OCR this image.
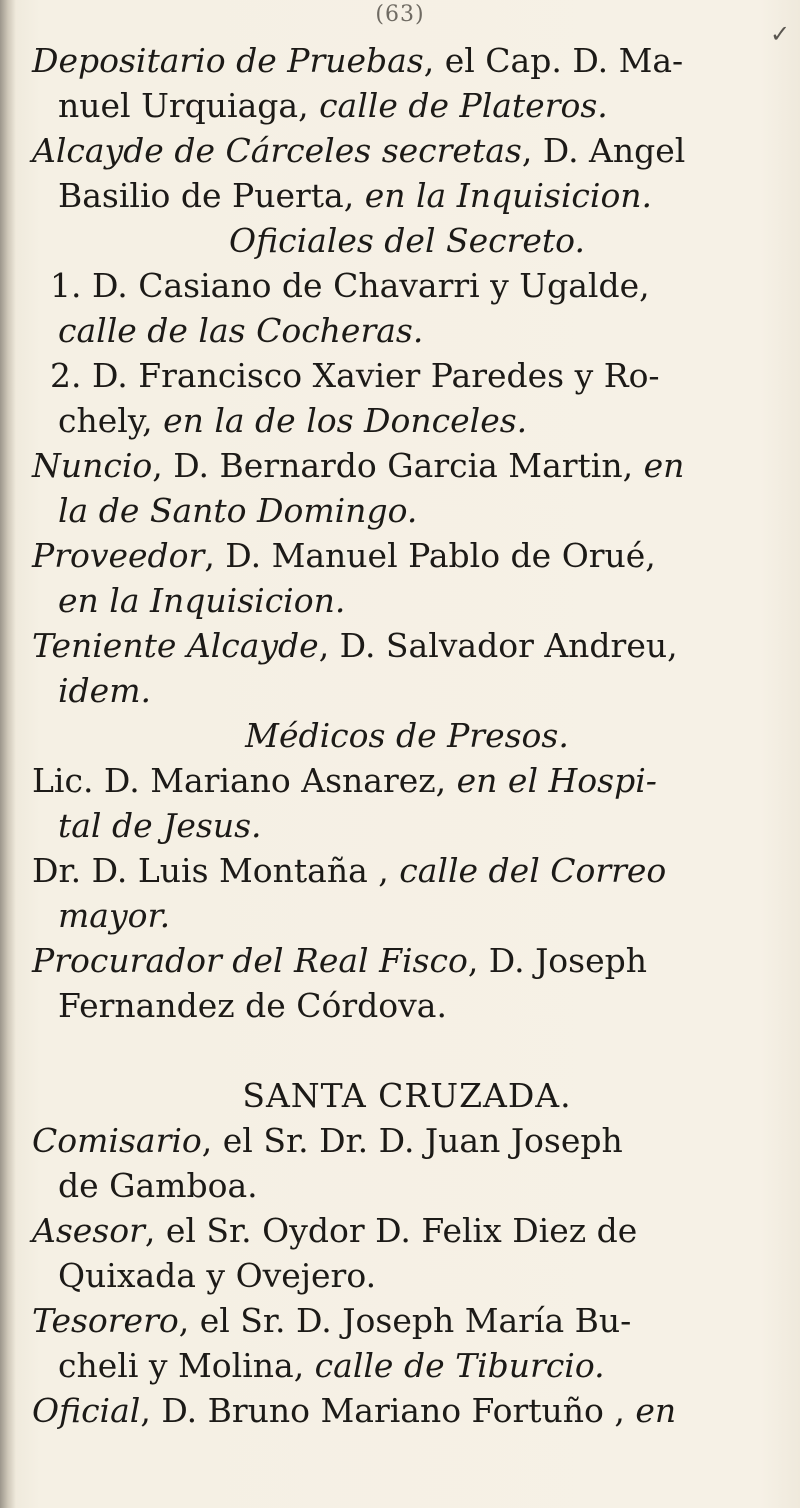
(63)
✓
Depositario de Pruebas, el Cap. D. Ma-
nuel Urquiaga, calle de Plateros.
Alcayde de Cárceles secretas, D. Angel
Basilio de Puerta, en la Inquisicion.
Oficiales del Secreto.
1. D. Casiano de Chavarri y Ugalde,
calle de las Cocheras.
2. D. Francisco Xavier Paredes y Ro-
chely, en la de los Donceles.
Nuncio, D. Bernardo Garcia Martin, en
la de Santo Domingo.
Proveedor, D. Manuel Pablo de Orué,
en la Inquisicion.
Teniente Alcayde, D. Salvador Andreu,
idem.
Médicos de Presos.
Lic. D. Mariano Asnarez, en el Hospi-
tal de Jesus.
Dr. D. Luis Montaña , calle del Correo
mayor.
Procurador del Real Fisco, D. Joseph
Fernandez de Córdova.
SANTA CRUZADA.
Comisario, el Sr. Dr. D. Juan Joseph
de Gamboa.
Asesor, el Sr. Oydor D. Felix Diez de
Quixada y Ovejero.
Tesorero, el Sr. D. Joseph María Bu-
cheli y Molina, calle de Tiburcio.
Oficial, D. Bruno Mariano Fortuño , en
